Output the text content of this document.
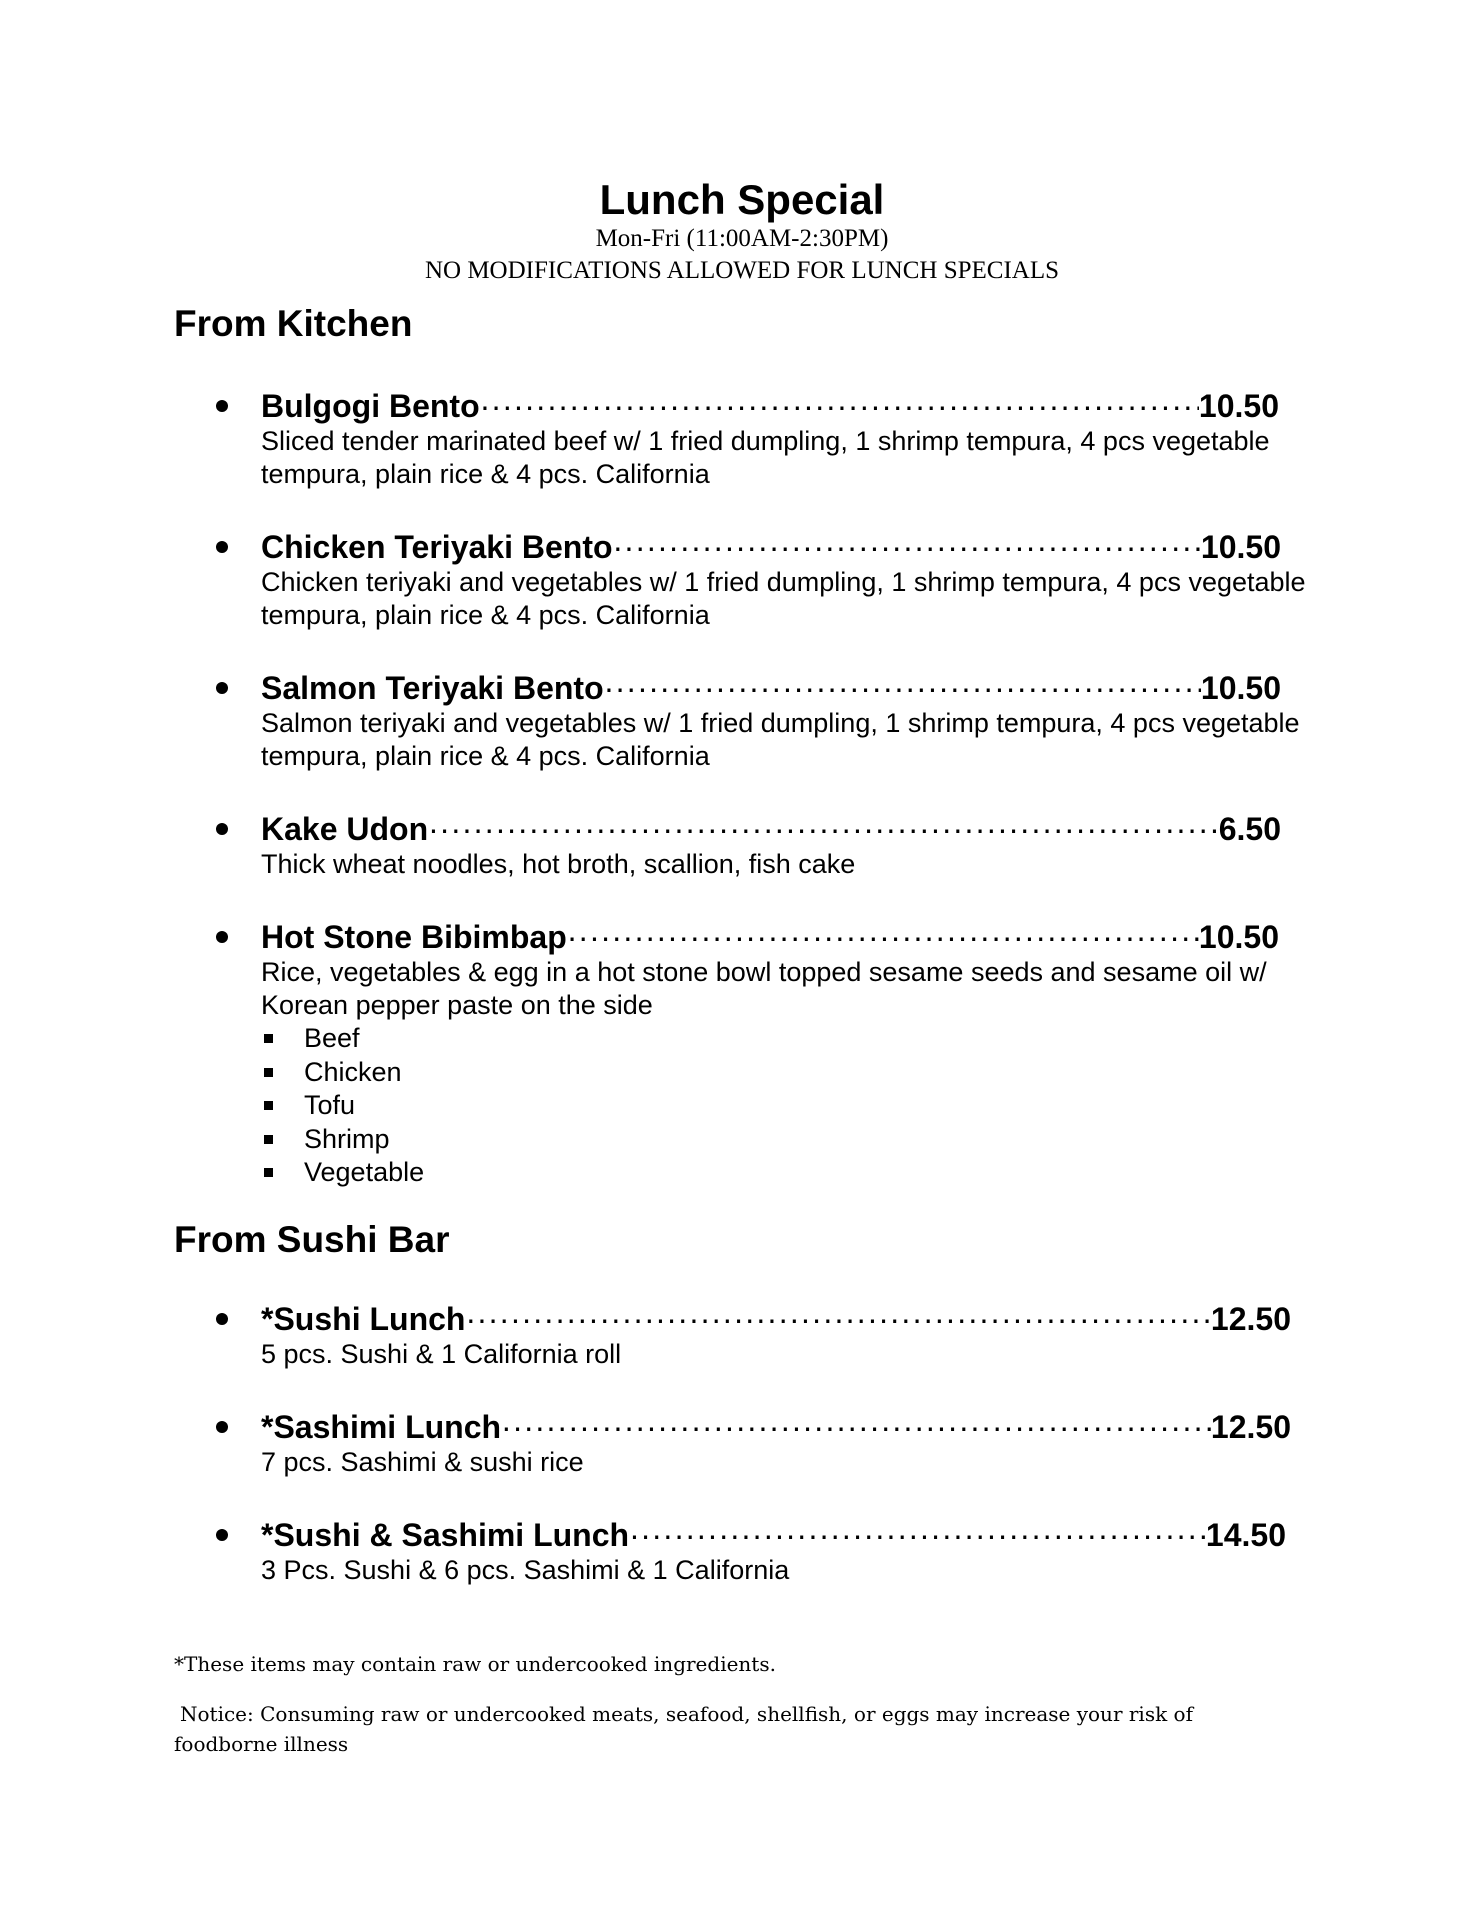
Lunch Special
Mon-Fri (11:00AM-2:30PM)
NO MODIFICATIONS ALLOWED FOR LUNCH SPECIALS
From Kitchen
Bulgogi Bento ·····	10.50
Sliced tender marinated beef w/ 1 fried dumpling, 1 shrimp tempura, 4 pcs vegetable tempura, plain rice & 4 pcs. California
Chicken Teriyaki Bento ·····	10.50
Chicken teriyaki and vegetables w/ 1 fried dumpling, 1 shrimp tempura, 4 pcs vegetable tempura, plain rice & 4 pcs. California
Salmon Teriyaki Bento ·····	10.50
Salmon teriyaki and vegetables w/ 1 fried dumpling, 1 shrimp tempura, 4 pcs vegetable tempura, plain rice & 4 pcs. California
Kake Udon ·····	6.50
Thick wheat noodles, hot broth, scallion, fish cake
Hot Stone Bibimbap ·····	10.50
Rice, vegetables & egg in a hot stone bowl topped sesame seeds and sesame oil w/ Korean pepper paste on the side
Beef
Chicken
Tofu
Shrimp
Vegetable
From Sushi Bar
*Sushi Lunch ·····	12.50
5 pcs. Sushi & 1 California roll
*Sashimi Lunch ·····	12.50
7 pcs. Sashimi & sushi rice
*Sushi & Sashimi Lunch ·····	14.50
3 Pcs. Sushi & 6 pcs. Sashimi & 1 California
*These items may contain raw or undercooked ingredients.
Notice: Consuming raw or undercooked meats, seafood, shellfish, or eggs may increase your risk of foodborne illness
